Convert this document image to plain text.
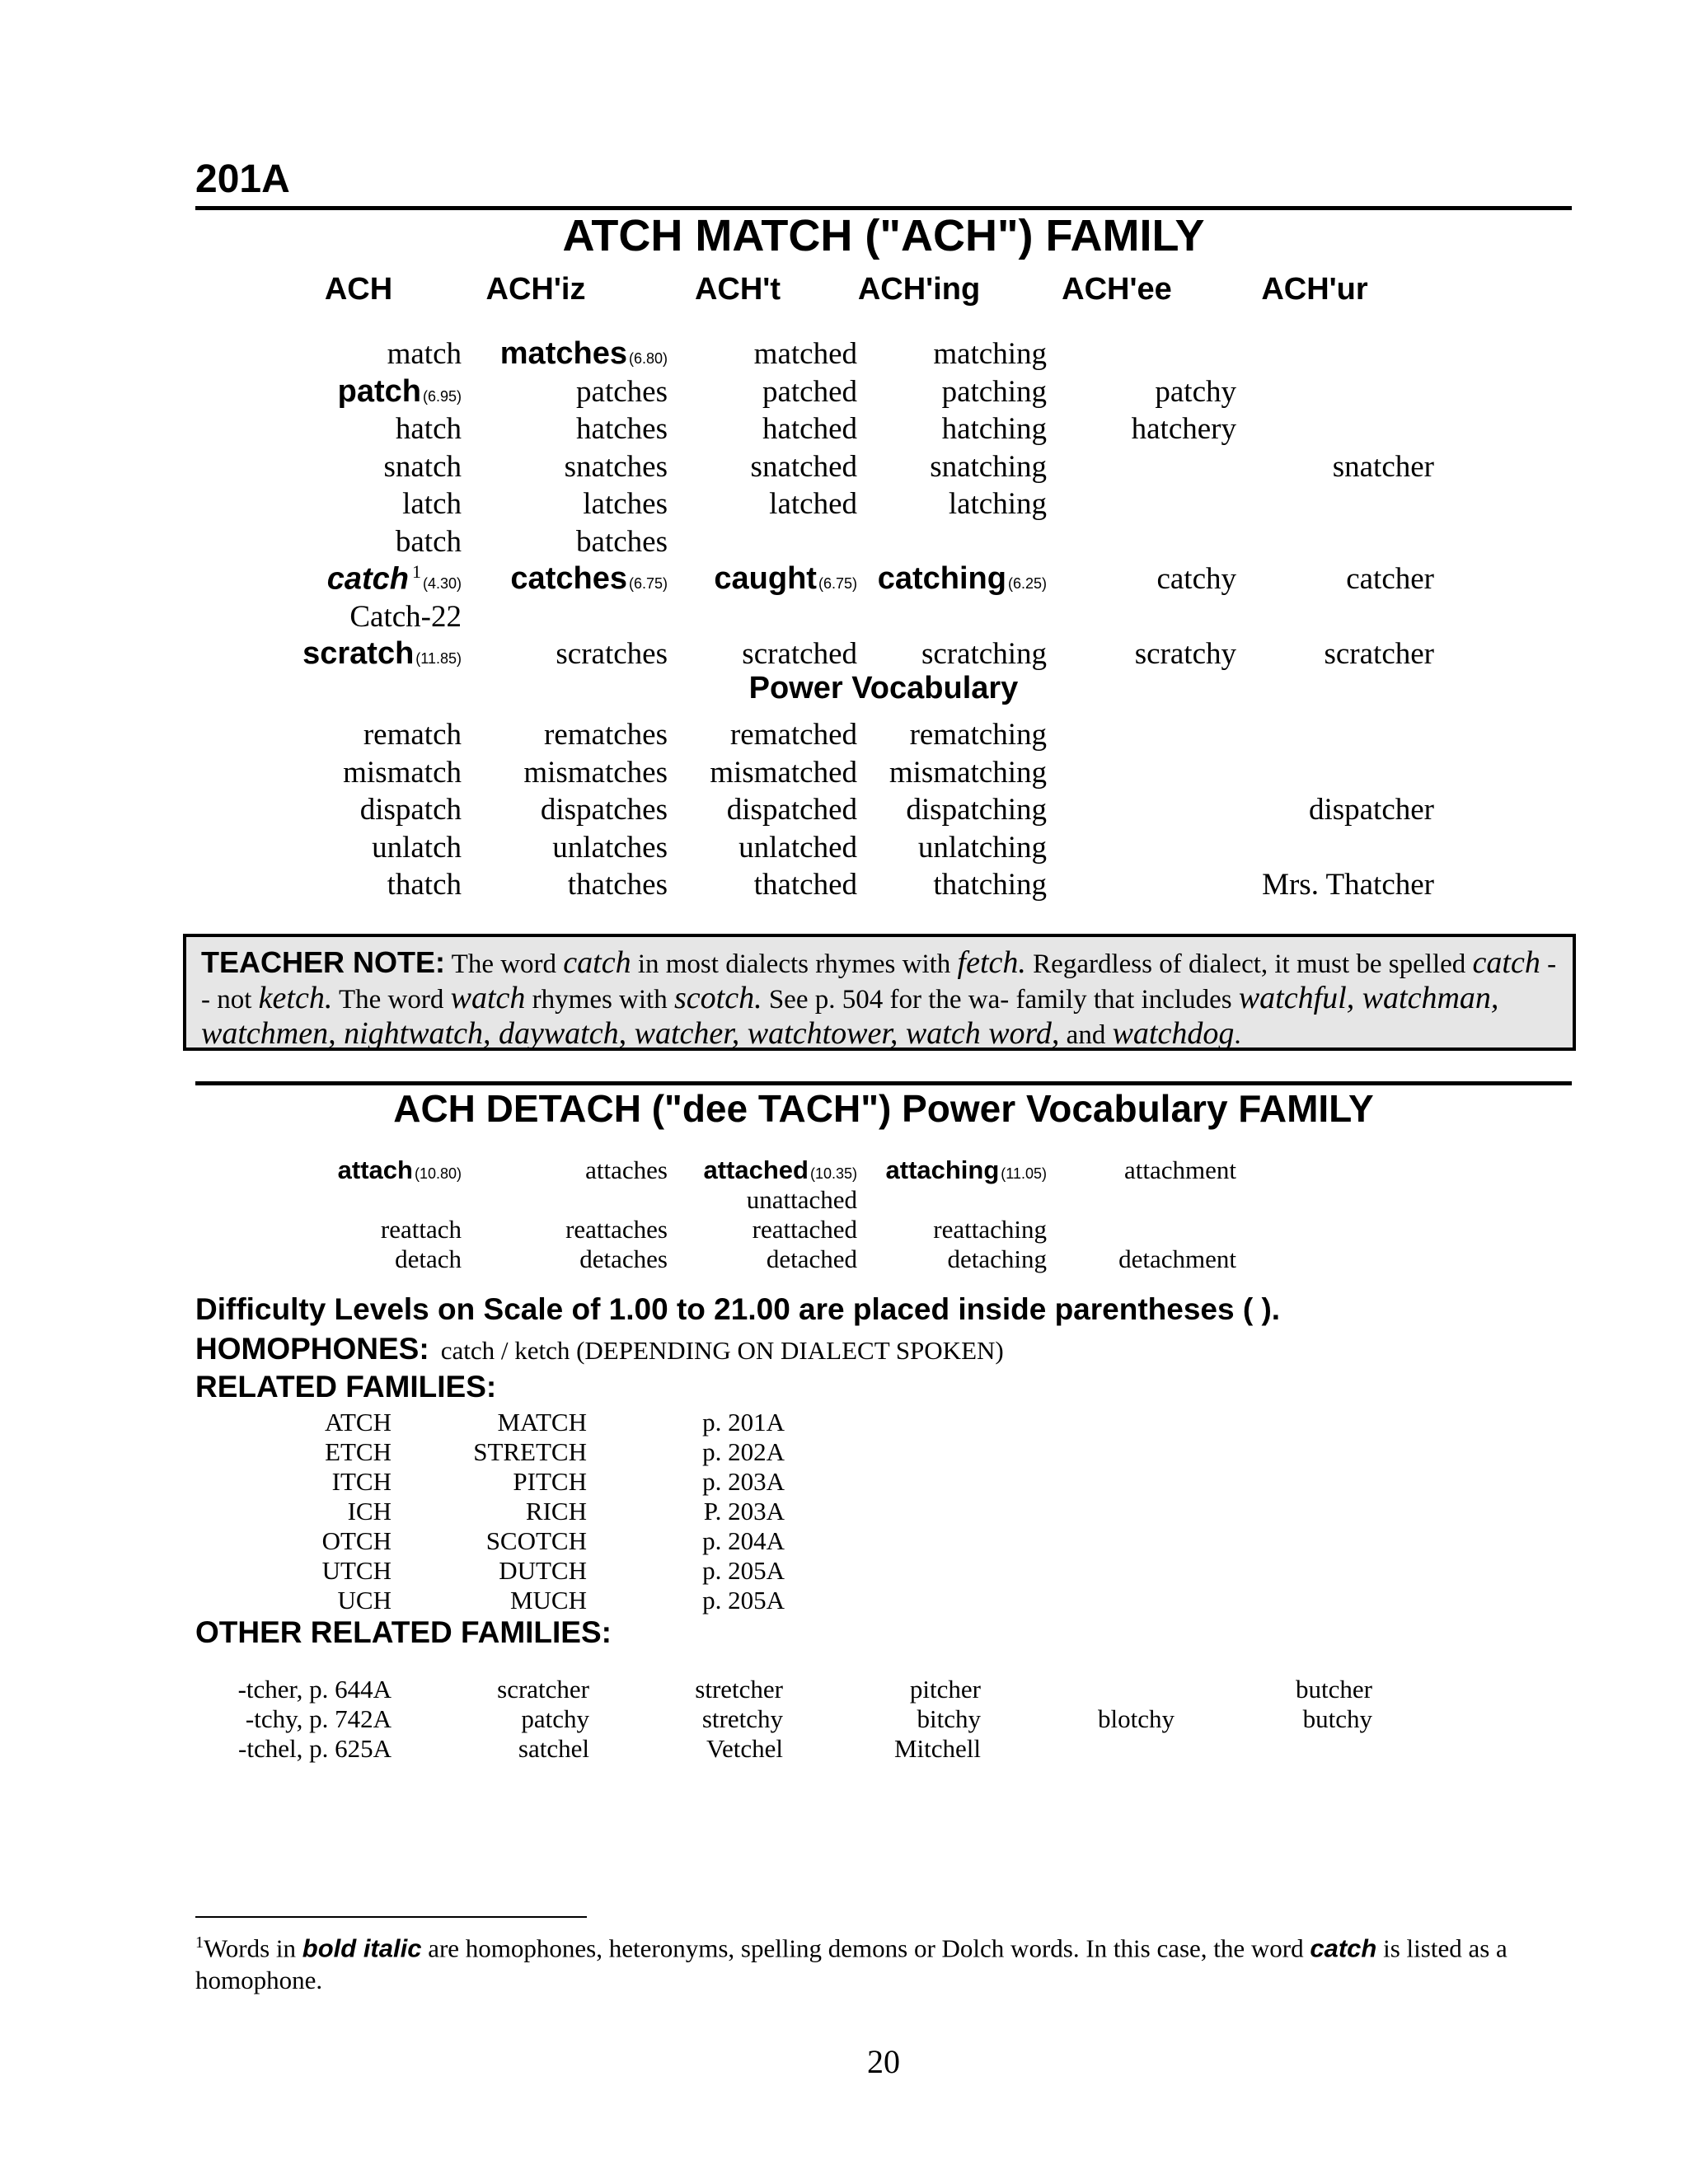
201A
ATCH MATCH ("ACH") FAMILY
ACH	ACH'iz	ACH't	ACH'ing	ACH'ee	ACH'ur
match	matches (6.80)	matched	matching		
patch (6.95)	patches	patched	patching	patchy	
hatch	hatches	hatched	hatching	hatchery	
snatch	snatches	snatched	snatching		snatcher
latch	latches	latched	latching		
batch	batches				
catch $^1$(4.30)	catches (6.75)	caught (6.75)	catching (6.25)	catchy	catcher
Catch-22					
scratch (11.85)	scratches	scratched	scratching	scratchy	scratcher
Power Vocabulary
rematch	rematches	rematched	rematching		
mismatch	mismatches	mismatched	mismatching		
dispatch	dispatches	dispatched	dispatching		dispatcher
unlatch	unlatches	unlatched	unlatching		
thatch	thatches	thatched	thatching		Mrs. Thatcher
TEACHER NOTE: The word catch in most dialects rhymes with fetch. Regardless of dialect, it must be spelled catch -- not ketch. The word watch rhymes with scotch. See p. 504 for the wa- family that includes watchful, watchman, watchmen, nightwatch, daywatch, watcher, watchtower, watch word, and watchdog.
ACH DETACH ("dee TACH") Power Vocabulary FAMILY
attach (10.80)	attaches	attached (10.35)	attaching (11.05)	attachment
		unattached		
reattach	reattaches	reattached	reattaching	
detach	detaches	detached	detaching	detachment
Difficulty Levels on Scale of 1.00 to 21.00 are placed inside parentheses ( ).
HOMOPHONES: catch / ketch (DEPENDING ON DIALECT SPOKEN)
RELATED FAMILIES:
ATCH	MATCH	p. 201A
ETCH	STRETCH	p. 202A
ITCH	PITCH	p. 203A
ICH	RICH	P. 203A
OTCH	SCOTCH	p. 204A
UTCH	DUTCH	p. 205A
UCH	MUCH	p. 205A
OTHER RELATED FAMILIES:
-tcher, p. 644A	scratcher	stretcher	pitcher		butcher
-tchy, p. 742A	patchy	stretchy	bitchy	blotchy	butchy
-tchel, p. 625A	satchel	Vetchel	Mitchell		
$^1$Words in bold italic are homophones, heteronyms, spelling demons or Dolch words. In this case, the word catch is listed as a homophone.
20
